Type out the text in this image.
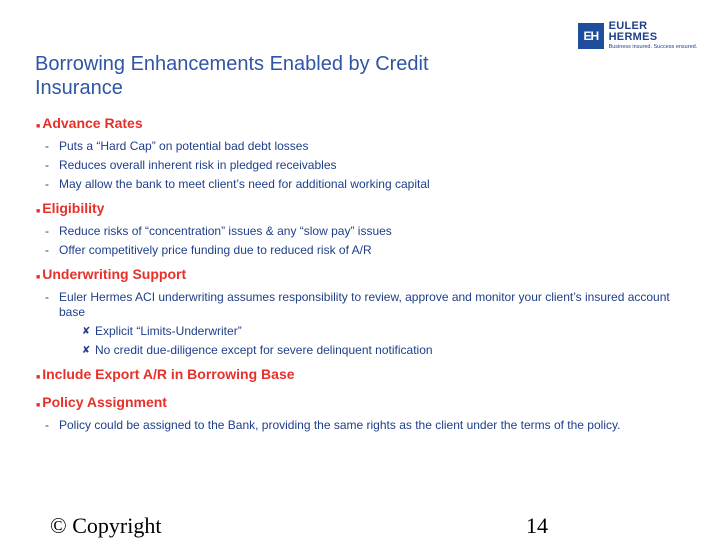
EH
EULER HERMES
Business insured. Success ensured.
Borrowing Enhancements Enabled by Credit Insurance
■ Advance Rates
- Puts a “Hard Cap” on potential bad debt losses
- Reduces overall inherent risk in pledged receivables
- May allow the bank to meet client’s need for additional working capital
■ Eligibility
- Reduce risks of “concentration” issues & any “slow pay” issues
- Offer competitively price funding due to reduced risk of A/R
■ Underwriting Support
- Euler Hermes ACI underwriting assumes responsibility to review, approve and monitor your client’s insured account base
✘ Explicit “Limits-Underwriter”
✘ No credit due-diligence except for severe delinquent notification
■ Include Export A/R in Borrowing Base
■ Policy Assignment
- Policy could be assigned to the Bank, providing the same rights as the client under the terms of the policy.
© Copyright	14
